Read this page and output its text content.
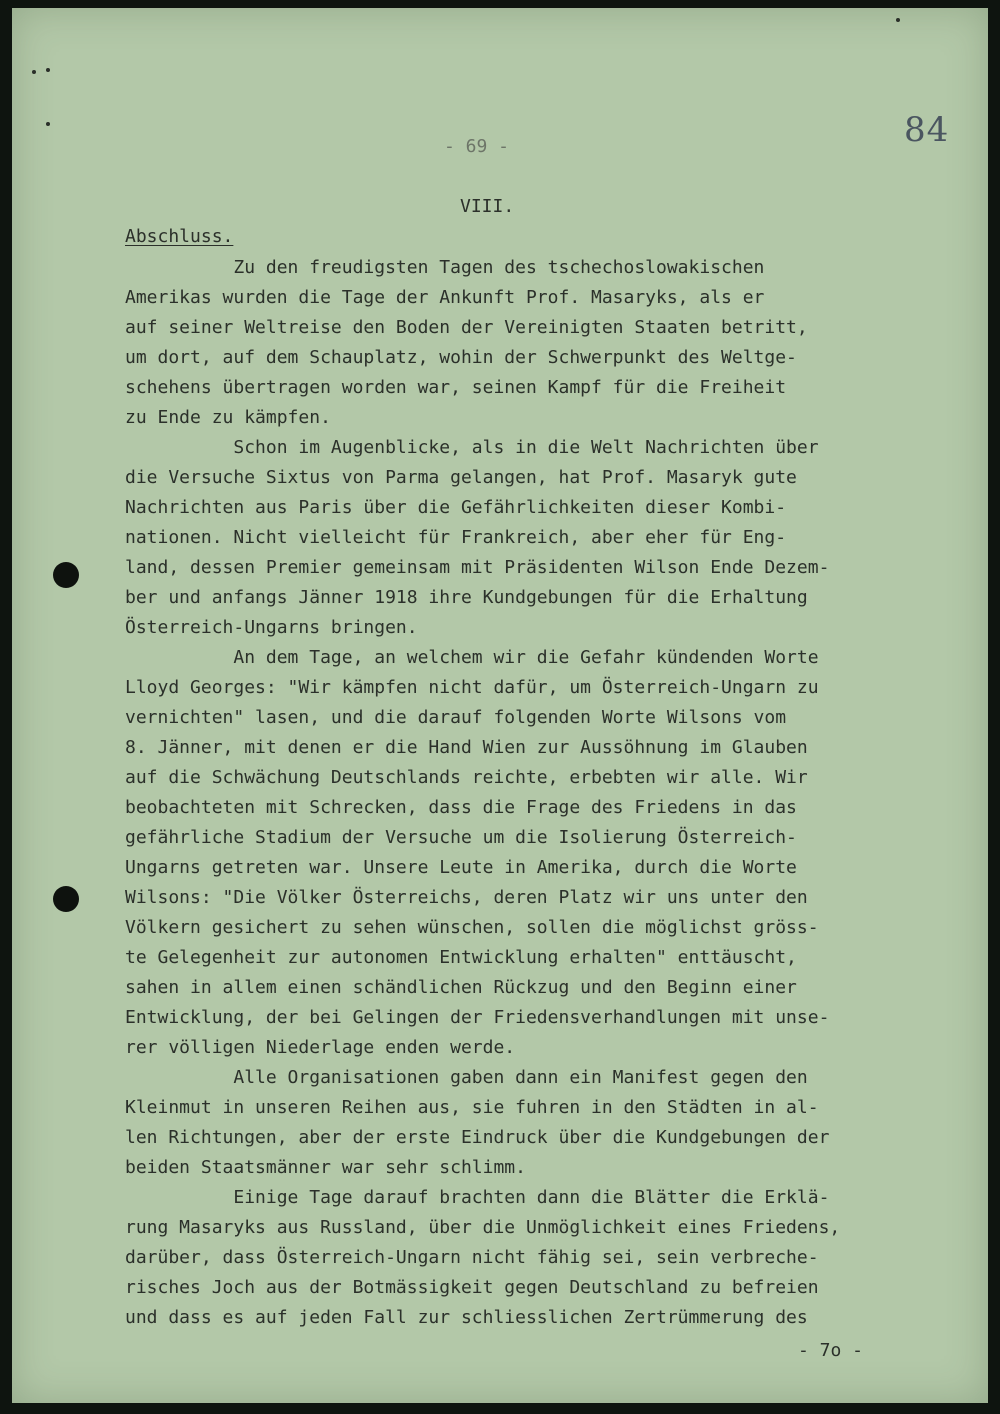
84
- 69 -
VIII.
Abschluss.
Zu den freudigsten Tagen des tschechoslowakischen
Amerikas wurden die Tage der Ankunft Prof. Masaryks, als er
auf seiner Weltreise den Boden der Vereinigten Staaten betritt,
um dort, auf dem Schauplatz, wohin der Schwerpunkt des Weltge-
schehens übertragen worden war, seinen Kampf für die Freiheit
zu Ende zu kämpfen.
Schon im Augenblicke, als in die Welt Nachrichten über
die Versuche Sixtus von Parma gelangen, hat Prof. Masaryk gute
Nachrichten aus Paris über die Gefährlichkeiten dieser Kombi-
nationen. Nicht vielleicht für Frankreich, aber eher für Eng-
land, dessen Premier gemeinsam mit Präsidenten Wilson Ende Dezem-
ber und anfangs Jänner 1918 ihre Kundgebungen für die Erhaltung
Österreich-Ungarns bringen.
An dem Tage, an welchem wir die Gefahr kündenden Worte
Lloyd Georges: "Wir kämpfen nicht dafür, um Österreich-Ungarn zu
vernichten" lasen, und die darauf folgenden Worte Wilsons vom
8. Jänner, mit denen er die Hand Wien zur Aussöhnung im Glauben
auf die Schwächung Deutschlands reichte, erbebten wir alle. Wir
beobachteten mit Schrecken, dass die Frage des Friedens in das
gefährliche Stadium der Versuche um die Isolierung Österreich-
Ungarns getreten war. Unsere Leute in Amerika, durch die Worte
Wilsons: "Die Völker Österreichs, deren Platz wir uns unter den
Völkern gesichert zu sehen wünschen, sollen die möglichst gröss-
te Gelegenheit zur autonomen Entwicklung erhalten" enttäuscht,
sahen in allem einen schändlichen Rückzug und den Beginn einer
Entwicklung, der bei Gelingen der Friedensverhandlungen mit unse-
rer völligen Niederlage enden werde.
Alle Organisationen gaben dann ein Manifest gegen den
Kleinmut in unseren Reihen aus, sie fuhren in den Städten in al-
len Richtungen, aber der erste Eindruck über die Kundgebungen der
beiden Staatsmänner war sehr schlimm.
Einige Tage darauf brachten dann die Blätter die Erklä-
rung Masaryks aus Russland, über die Unmöglichkeit eines Friedens,
darüber, dass Österreich-Ungarn nicht fähig sei, sein verbreche-
risches Joch aus der Botmässigkeit gegen Deutschland zu befreien
und dass es auf jeden Fall zur schliesslichen Zertrümmerung des
- 7o -
